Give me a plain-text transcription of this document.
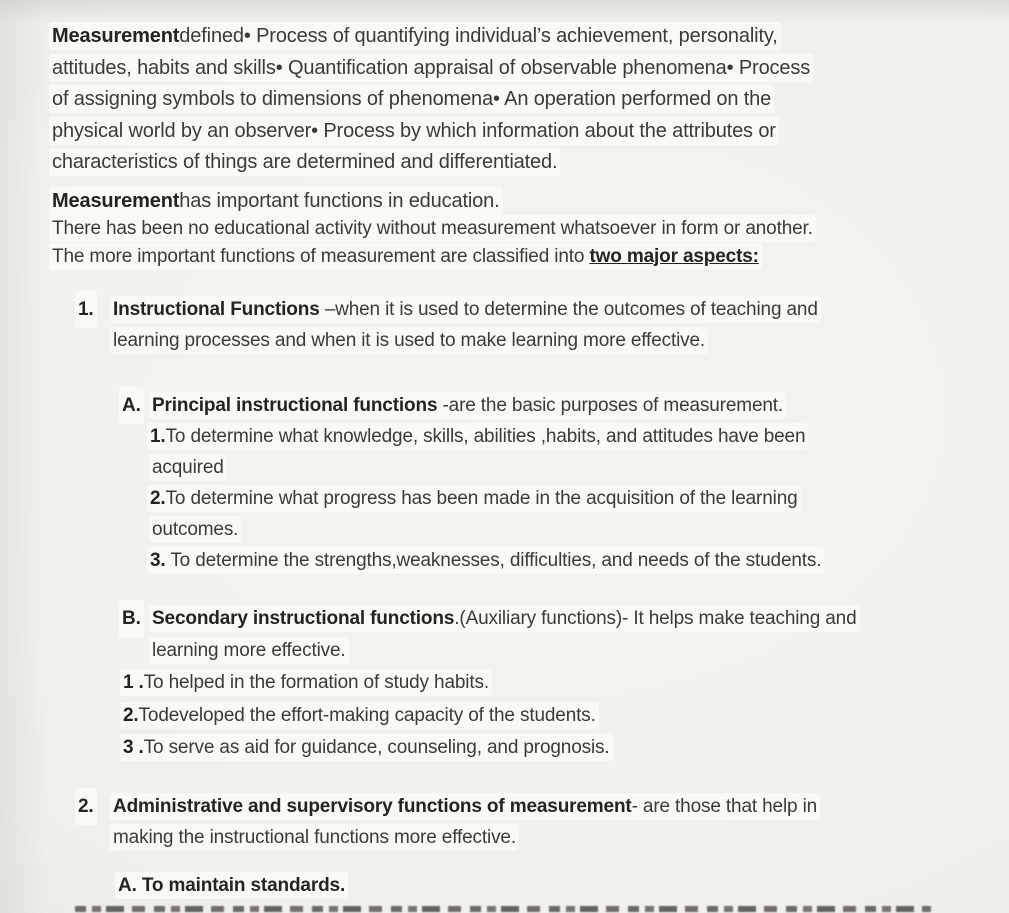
Measurementdefined• Process of quantifying individual’s achievement, personality,
attitudes, habits and skills• Quantification appraisal of observable phenomena• Process
of assigning symbols to dimensions of phenomena• An operation performed on the
physical world by an observer• Process by which information about the attributes or
characteristics of things are determined and differentiated.
Measurementhas important functions in education.
There has been no educational activity without measurement whatsoever in form or another.
The more important functions of measurement are classified into two major aspects:
1. Instructional Functions –when it is used to determine the outcomes of teaching and
learning processes and when it is used to make learning more effective.
A. Principal instructional functions -are the basic purposes of measurement.
1.To determine what knowledge, skills, abilities ,habits, and attitudes have been
acquired
2.To determine what progress has been made in the acquisition of the learning
outcomes.
3. To determine the strengths,weaknesses, difficulties, and needs of the students.
B. Secondary instructional functions.(Auxiliary functions)- It helps make teaching and
learning more effective.
1 .To helped in the formation of study habits.
2.Todeveloped the effort-making capacity of the students.
3 .To serve as aid for guidance, counseling, and prognosis.
2. Administrative and supervisory functions of measurement- are those that help in
making the instructional functions more effective.
A. To maintain standards.
